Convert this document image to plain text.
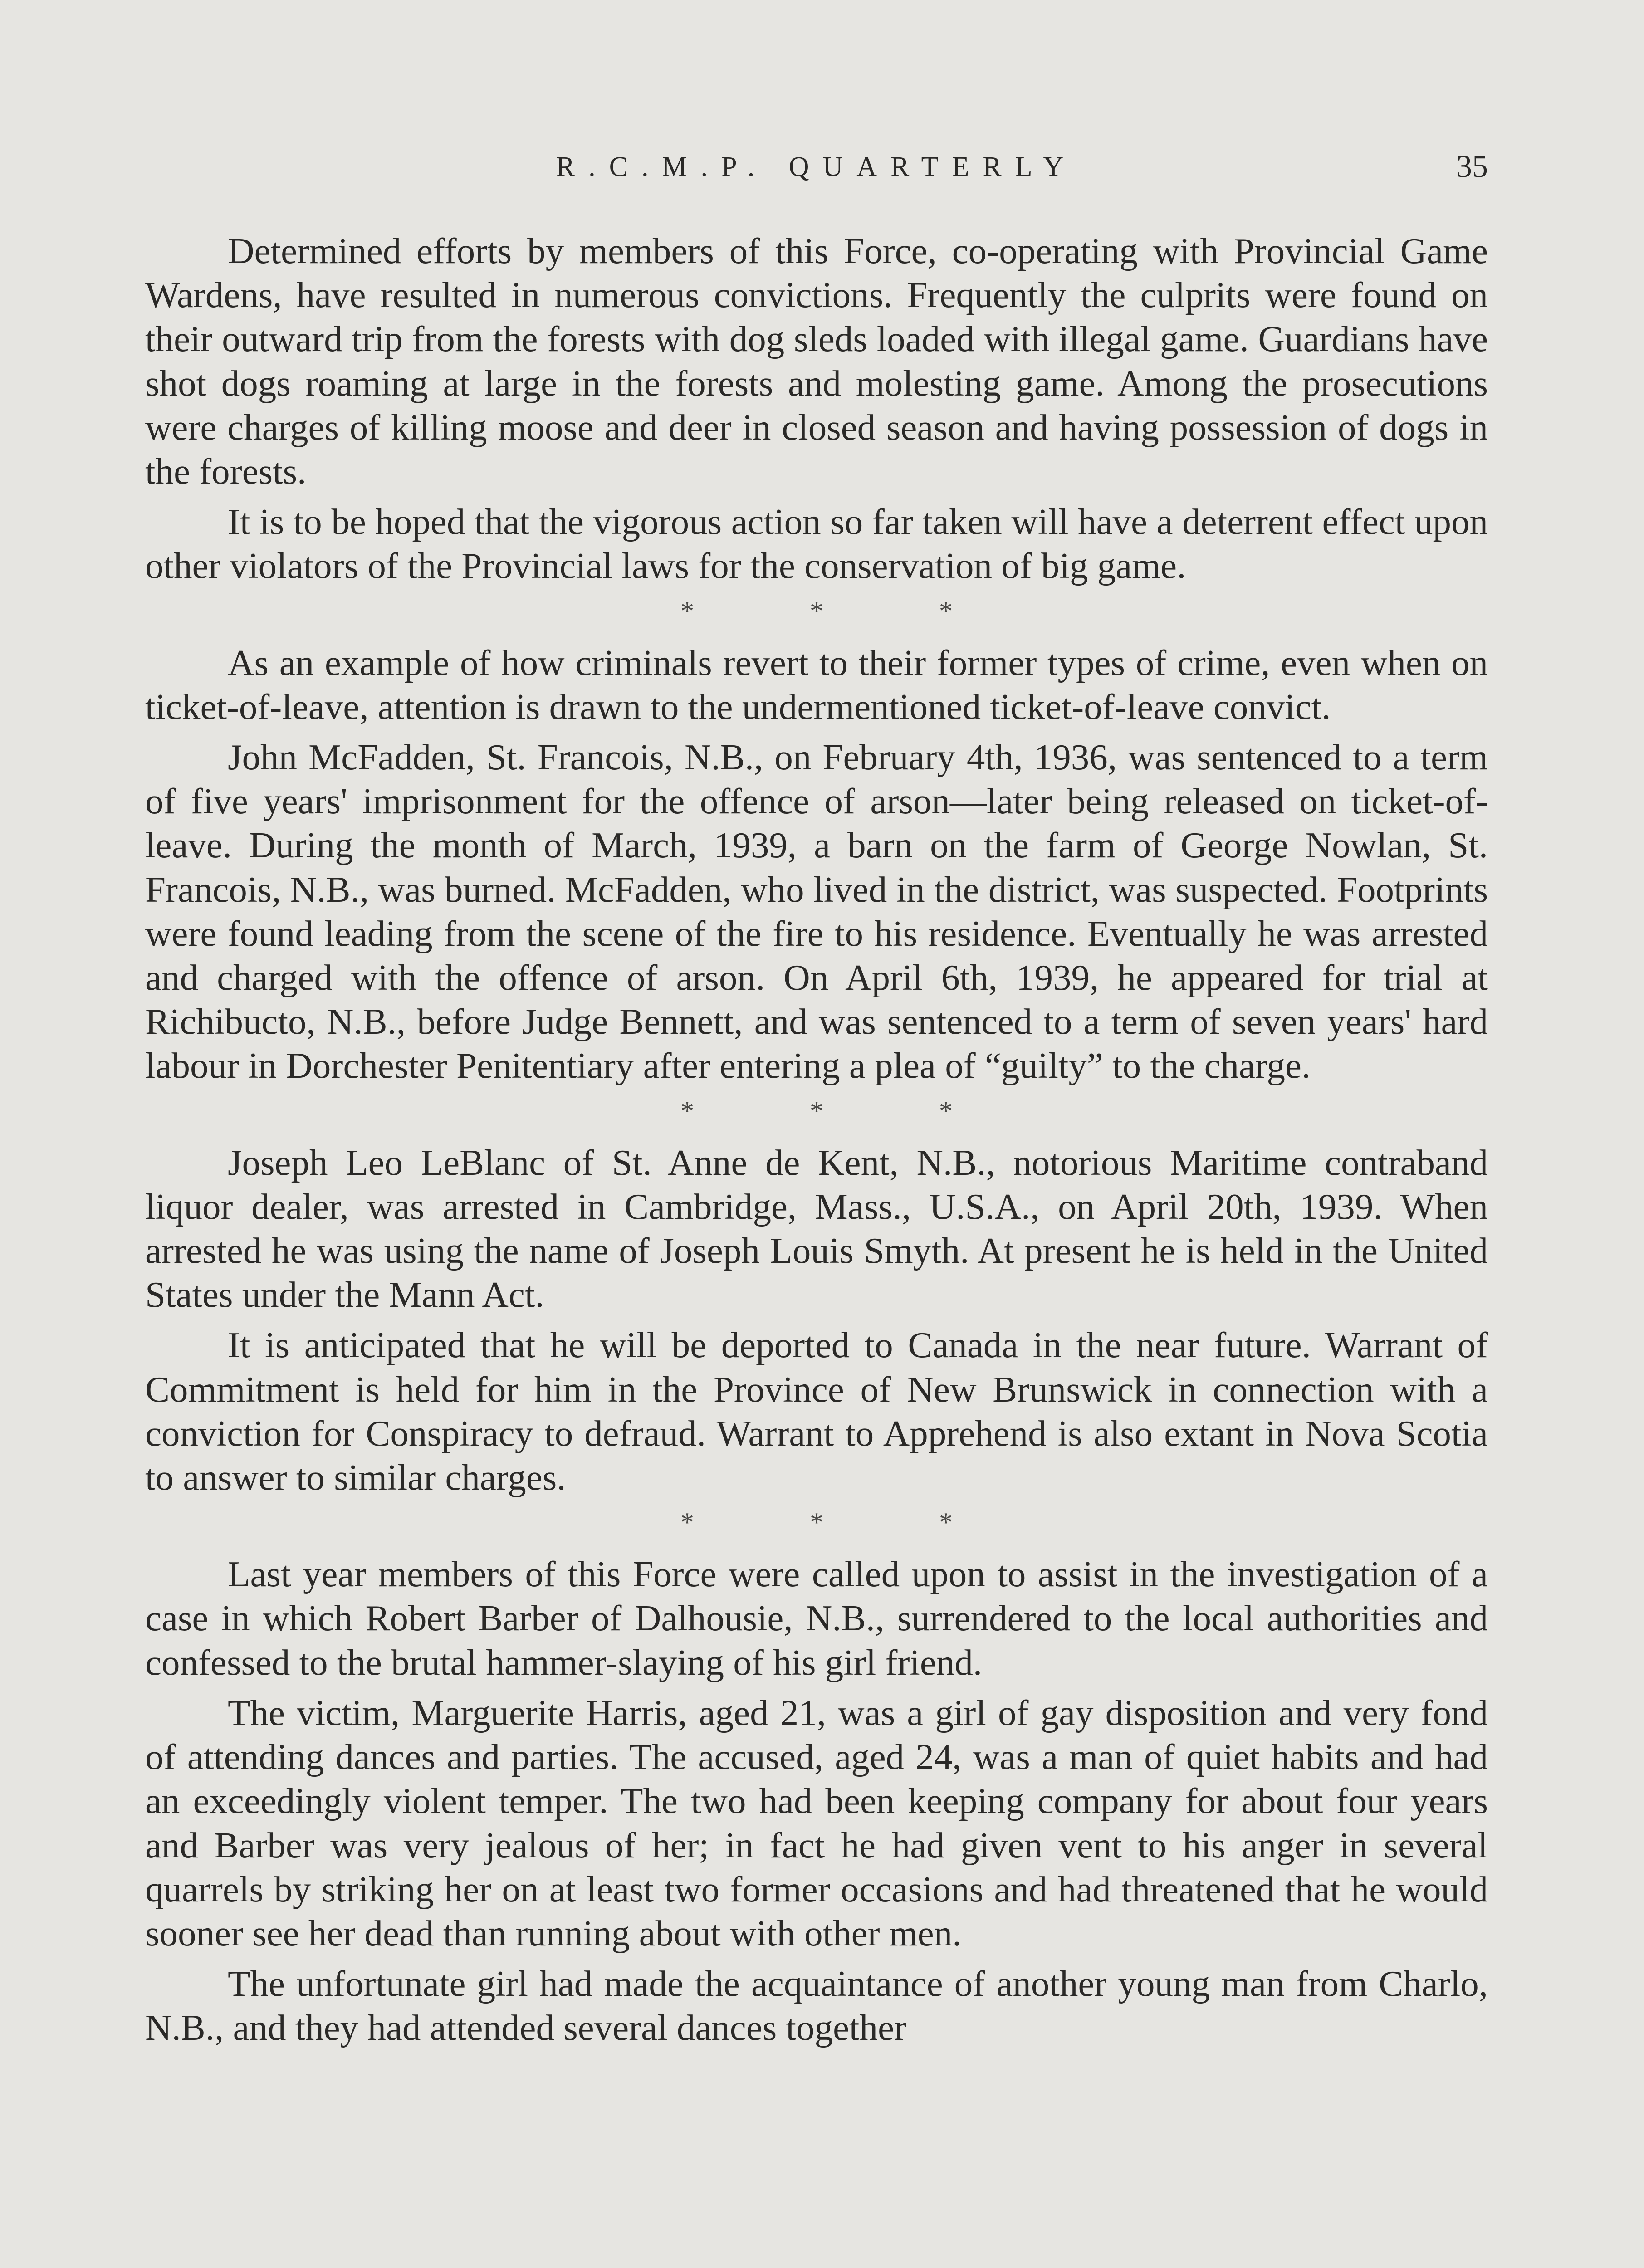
R.C.M.P. QUARTERLY	35

Determined efforts by members of this Force, co-operating with Provincial Game Wardens, have resulted in numerous convictions. Frequently the culprits were found on their outward trip from the forests with dog sleds loaded with illegal game. Guardians have shot dogs roaming at large in the forests and molesting game. Among the prosecutions were charges of killing moose and deer in closed season and having possession of dogs in the forests.

It is to be hoped that the vigorous action so far taken will have a deterrent effect upon other violators of the Provincial laws for the conservation of big game.

* * *

As an example of how criminals revert to their former types of crime, even when on ticket-of-leave, attention is drawn to the undermentioned ticket-of-leave convict.

John McFadden, St. Francois, N.B., on February 4th, 1936, was sentenced to a term of five years' imprisonment for the offence of arson—later being released on ticket-of-leave. During the month of March, 1939, a barn on the farm of George Nowlan, St. Francois, N.B., was burned. McFadden, who lived in the district, was suspected. Footprints were found leading from the scene of the fire to his residence. Eventually he was arrested and charged with the offence of arson. On April 6th, 1939, he appeared for trial at Richibucto, N.B., before Judge Bennett, and was sentenced to a term of seven years' hard labour in Dorchester Penitentiary after entering a plea of “guilty” to the charge.

* * *

Joseph Leo LeBlanc of St. Anne de Kent, N.B., notorious Maritime contraband liquor dealer, was arrested in Cambridge, Mass., U.S.A., on April 20th, 1939. When arrested he was using the name of Joseph Louis Smyth. At present he is held in the United States under the Mann Act.

It is anticipated that he will be deported to Canada in the near future. Warrant of Commitment is held for him in the Province of New Brunswick in connection with a conviction for Conspiracy to defraud. Warrant to Apprehend is also extant in Nova Scotia to answer to similar charges.

* * *

Last year members of this Force were called upon to assist in the investigation of a case in which Robert Barber of Dalhousie, N.B., surrendered to the local authorities and confessed to the brutal hammer-slaying of his girl friend.

The victim, Marguerite Harris, aged 21, was a girl of gay disposition and very fond of attending dances and parties. The accused, aged 24, was a man of quiet habits and had an exceedingly violent temper. The two had been keeping company for about four years and Barber was very jealous of her; in fact he had given vent to his anger in several quarrels by striking her on at least two former occasions and had threatened that he would sooner see her dead than running about with other men.

The unfortunate girl had made the acquaintance of another young man from Charlo, N.B., and they had attended several dances together
